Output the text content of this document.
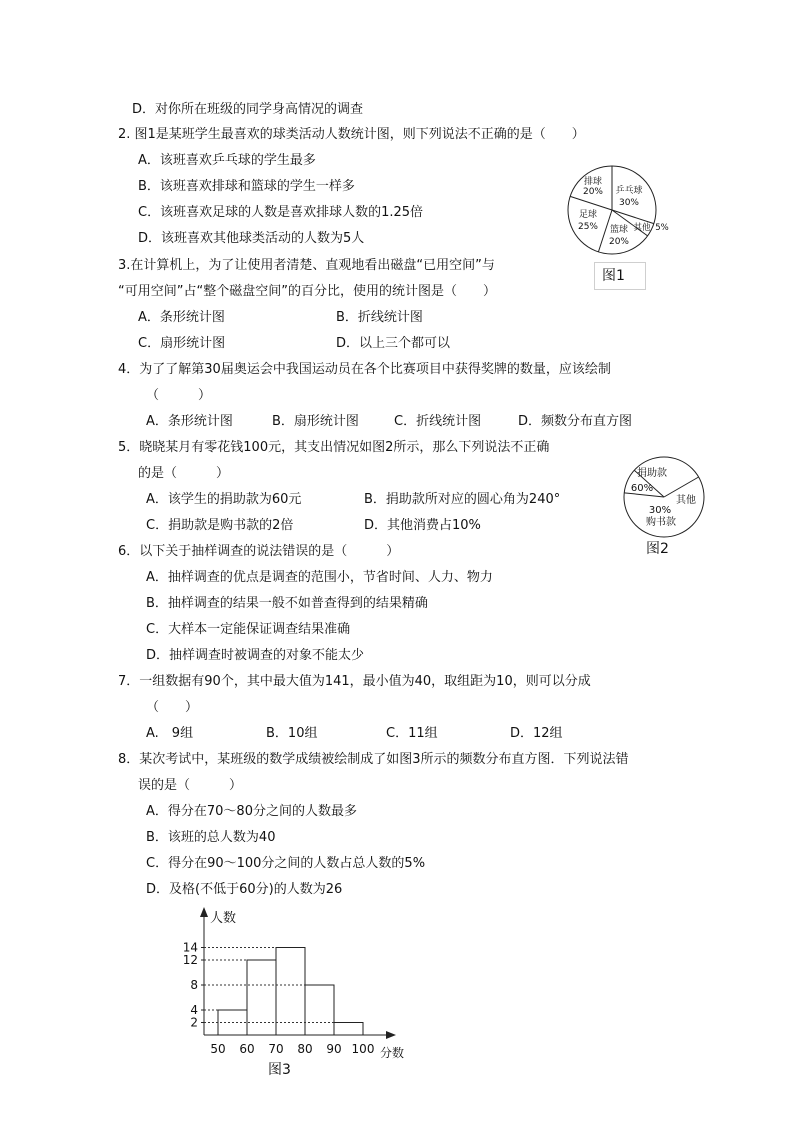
D．对你所在班级的同学身高情况的调查
2. 图1是某班学生最喜欢的球类活动人数统计图，则下列说法不正确的是（　　）
A．该班喜欢乒乓球的学生最多
B．该班喜欢排球和篮球的学生一样多
C．该班喜欢足球的人数是喜欢排球人数的1.25倍
D．该班喜欢其他球类活动的人数为5人
3.在计算机上，为了让使用者清楚、直观地看出磁盘“已用空间”与
“可用空间”占“整个磁盘空间”的百分比，使用的统计图是（　　）
A．条形统计图	B．折线统计图
C．扇形统计图	D．以上三个都可以
4．为了了解第30届奥运会中我国运动员在各个比赛项目中获得奖牌的数量，应该绘制
（　　　）
A．条形统计图	B．扇形统计图	C．折线统计图	D．频数分布直方图
5．晓晓某月有零花钱100元，其支出情况如图2所示，那么下列说法不正确
的是（　　　）
A．该学生的捐助款为60元	B．捐助款所对应的圆心角为240°
C．捐助款是购书款的2倍	D．其他消费占10%
6．以下关于抽样调查的说法错误的是（　　　）
A．抽样调查的优点是调查的范围小，节省时间、人力、物力
B．抽样调查的结果一般不如普查得到的结果精确
C．大样本一定能保证调查结果准确
D．抽样调查时被调查的对象不能太少
7．一组数据有90个，其中最大值为141，最小值为40，取组距为10，则可以分成
（　　）
A.　9组	B．10组	C．11组	D．12组
8．某次考试中，某班级的数学成绩被绘制成了如图3所示的频数分布直方图．下列说法错
误的是（　　　）
A．得分在70～80分之间的人数最多
B．该班的总人数为40
C．得分在90～100分之间的人数占总人数的5%
D．及格(不低于60分)的人数为26
排球
20% 乒乓球
30%
足球
25% 篮球
20%
其他 5%
图1
捐助款
60%
其他
30%
购书款
图2
2
4
8
12
14
50 60 70 80 90 100
人数
分数
图3
